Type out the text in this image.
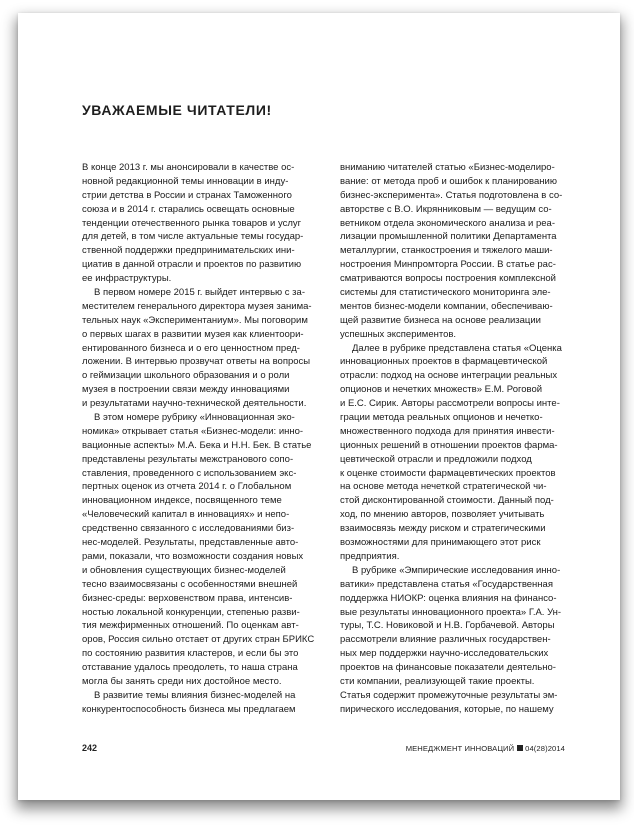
УВАЖАЕМЫЕ ЧИТАТЕЛИ!
В конце 2013 г. мы анонсировали в качестве ос-
новной редакционной темы инновации в инду-
стрии детства в России и странах Таможенного
союза и в 2014 г. старались освещать основные
тенденции отечественного рынка товаров и услуг
для детей, в том числе актуальные темы государ-
ственной поддержки предпринимательских ини-
циатив в данной отрасли и проектов по развитию
ее инфраструктуры.
В первом номере 2015 г. выйдет интервью с за-
местителем генерального директора музея занима-
тельных наук «Экспериментаниум». Мы поговорим
о первых шагах в развитии музея как клиентоори-
ентированного бизнеса и о его ценностном пред-
ложении. В интервью прозвучат ответы на вопросы
о геймизации школьного образования и о роли
музея в построении связи между инновациями
и результатами научно-технической деятельности.
В этом номере рубрику «Инновационная эко-
номика» открывает статья «Бизнес-модели: инно-
вационные аспекты» М.А. Бека и Н.Н. Бек. В статье
представлены результаты межстранового сопо-
ставления, проведенного с использованием экс-
пертных оценок из отчета 2014 г. о Глобальном
инновационном индексе, посвященного теме
«Человеческий капитал в инновациях» и непо-
средственно связанного с исследованиями биз-
нес-моделей. Результаты, представленные авто-
рами, показали, что возможности создания новых
и обновления существующих бизнес-моделей
тесно взаимосвязаны с особенностями внешней
бизнес-среды: верховенством права, интенсив-
ностью локальной конкуренции, степенью разви-
тия межфирменных отношений. По оценкам авт-
оров, Россия сильно отстает от других стран БРИКС
по состоянию развития кластеров, и если бы это
отставание удалось преодолеть, то наша страна
могла бы занять среди них достойное место.
В развитие темы влияния бизнес-моделей на
конкурентоспособность бизнеса мы предлагаем
вниманию читателей статью «Бизнес-моделиро-
вание: от метода проб и ошибок к планированию
бизнес-эксперимента». Статья подготовлена в со-
авторстве с В.О. Икрянниковым — ведущим со-
ветником отдела экономического анализа и реа-
лизации промышленной политики Департамента
металлургии, станкостроения и тяжелого маши-
ностроения Минпромторга России. В статье рас-
сматриваются вопросы построения комплексной
системы для статистического мониторинга эле-
ментов бизнес-модели компании, обеспечиваю-
щей развитие бизнеса на основе реализации
успешных экспериментов.
Далее в рубрике представлена статья «Оценка
инновационных проектов в фармацевтической
отрасли: подход на основе интеграции реальных
опционов и нечетких множеств» Е.М. Роговой
и Е.С. Сирик. Авторы рассмотрели вопросы инте-
грации метода реальных опционов и нечетко-
множественного подхода для принятия инвести-
ционных решений в отношении проектов фарма-
цевтической отрасли и предложили подход
к оценке стоимости фармацевтических проектов
на основе метода нечеткой стратегической чи-
стой дисконтированной стоимости. Данный под-
ход, по мнению авторов, позволяет учитывать
взаимосвязь между риском и стратегическими
возможностями для принимающего этот риск
предприятия.
В рубрике «Эмпирические исследования инно-
ватики» представлена статья «Государственная
поддержка НИОКР: оценка влияния на финансо-
вые результаты инновационного проекта» Г.А. Ун-
туры, Т.С. Новиковой и Н.В. Горбачевой. Авторы
рассмотрели влияние различных государствен-
ных мер поддержки научно-исследовательских
проектов на финансовые показатели деятельно-
сти компании, реализующей такие проекты.
Статья содержит промежуточные результаты эм-
пирического исследования, которые, по нашему
242	МЕНЕДЖМЕНТ ИННОВАЦИЙ 04(28)2014
